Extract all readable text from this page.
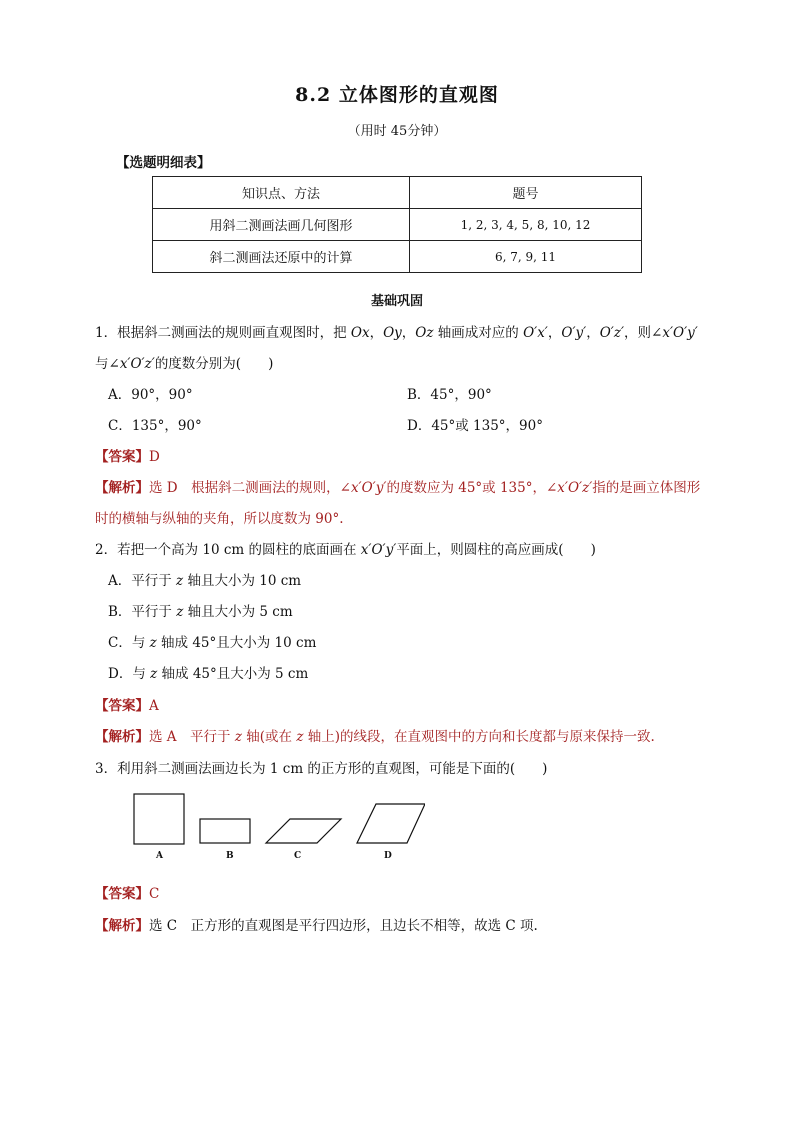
8.2 立体图形的直观图
（用时 45分钟）
【选题明细表】
知识点、方法	题号
用斜二测画法画几何图形	1, 2, 3, 4, 5, 8, 10, 12
斜二测画法还原中的计算	6, 7, 9, 11
基础巩固
1．根据斜二测画法的规则画直观图时，把 Ox，Oy，Oz 轴画成对应的 O′x′，O′y′，O′z′，则∠x′O′y′
与∠x′O′z′的度数分别为(　　)
A．90°，90°	B．45°，90°
C．135°，90°	D．45°或 135°，90°
【答案】D
【解析】选 D　根据斜二测画法的规则，∠x′O′y′的度数应为 45°或 135°，∠x′O′z′指的是画立体图形
时的横轴与纵轴的夹角，所以度数为 90°.
2．若把一个高为 10 cm 的圆柱的底面画在 x′O′y′平面上，则圆柱的高应画成(　　)
A．平行于 z 轴且大小为 10 cm
B．平行于 z 轴且大小为 5 cm
C．与 z 轴成 45°且大小为 10 cm
D．与 z 轴成 45°且大小为 5 cm
【答案】A
【解析】选 A　平行于 z 轴(或在 z 轴上)的线段，在直观图中的方向和长度都与原来保持一致.
3．利用斜二测画法画边长为 1 cm 的正方形的直观图，可能是下面的(　　)
A	B	C	D
【答案】C
【解析】选 C　正方形的直观图是平行四边形，且边长不相等，故选 C 项.
